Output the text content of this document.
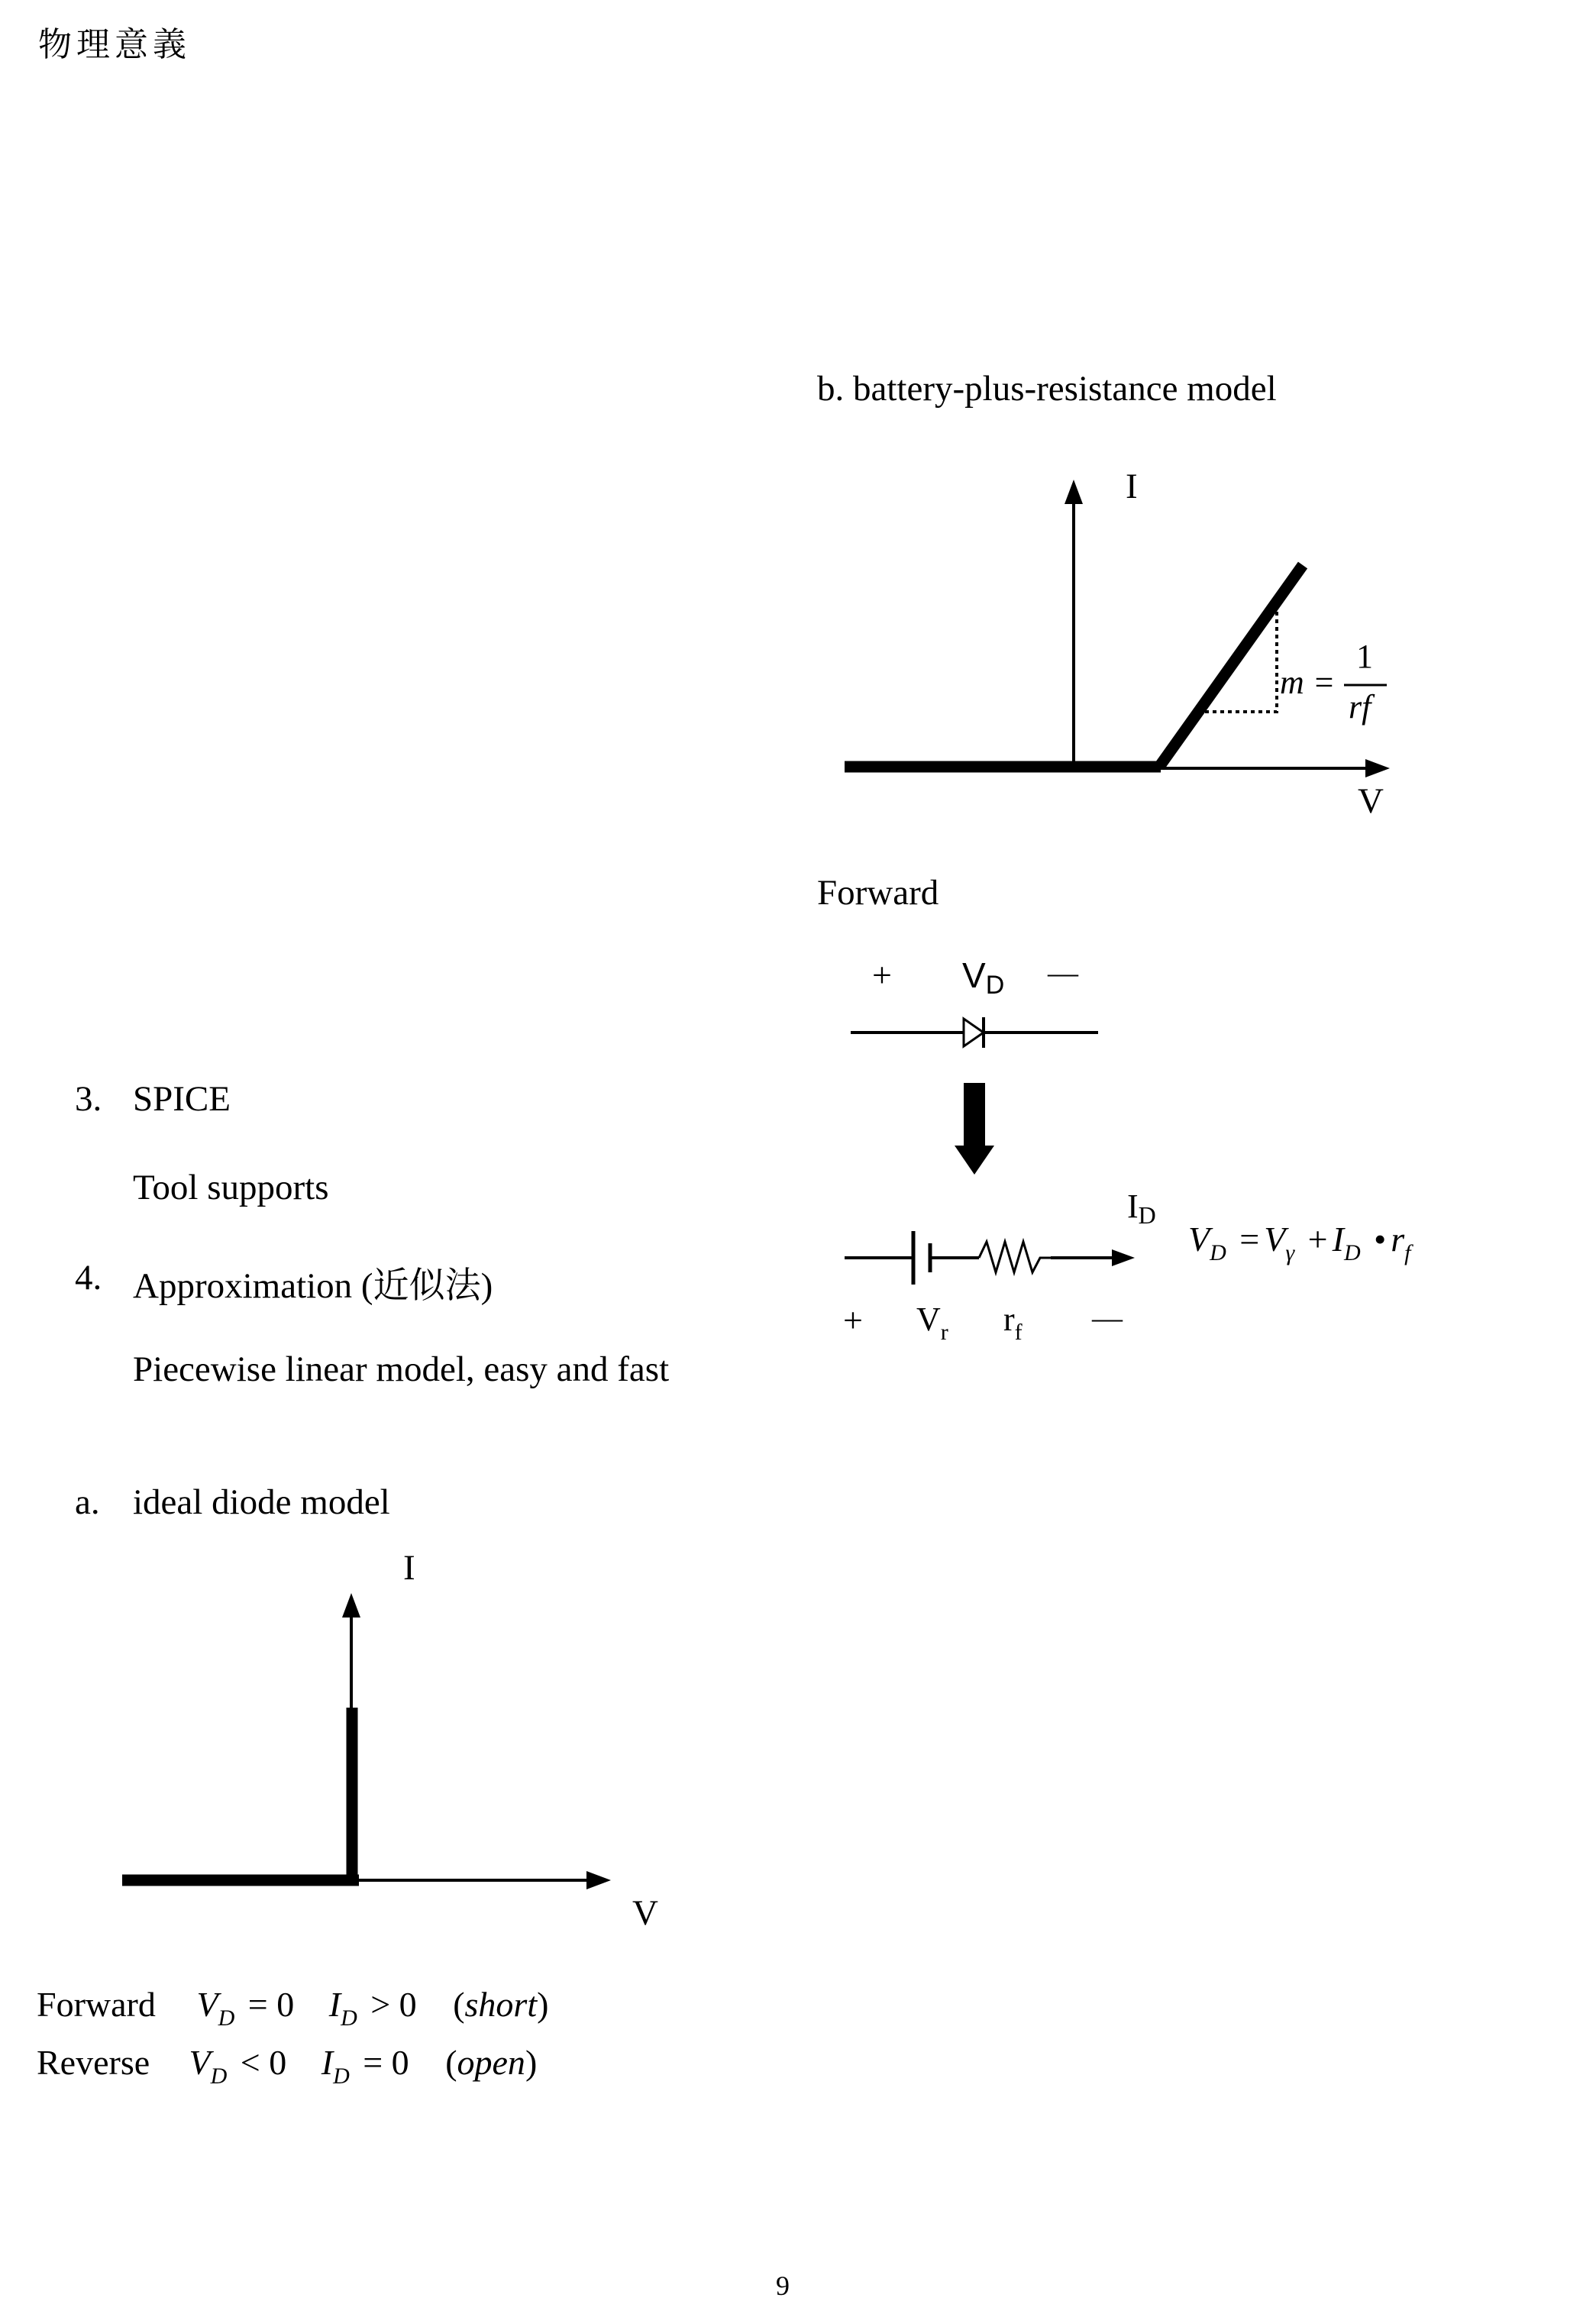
物理意義
3. SPICE
Tool supports
4. Approximation (近似法)
Piecewise linear model, easy and fast
a. ideal diode model
b. battery-plus-resistance model
I
V
m =
1
rf
Forward
+ VD —
ID
+ $V_r$ $r_f$ —
VD = Vγ + ID • rf
I
V
Forward VD = 0 ID > 0 (short)
Reverse VD < 0 ID = 0 (open)
9
